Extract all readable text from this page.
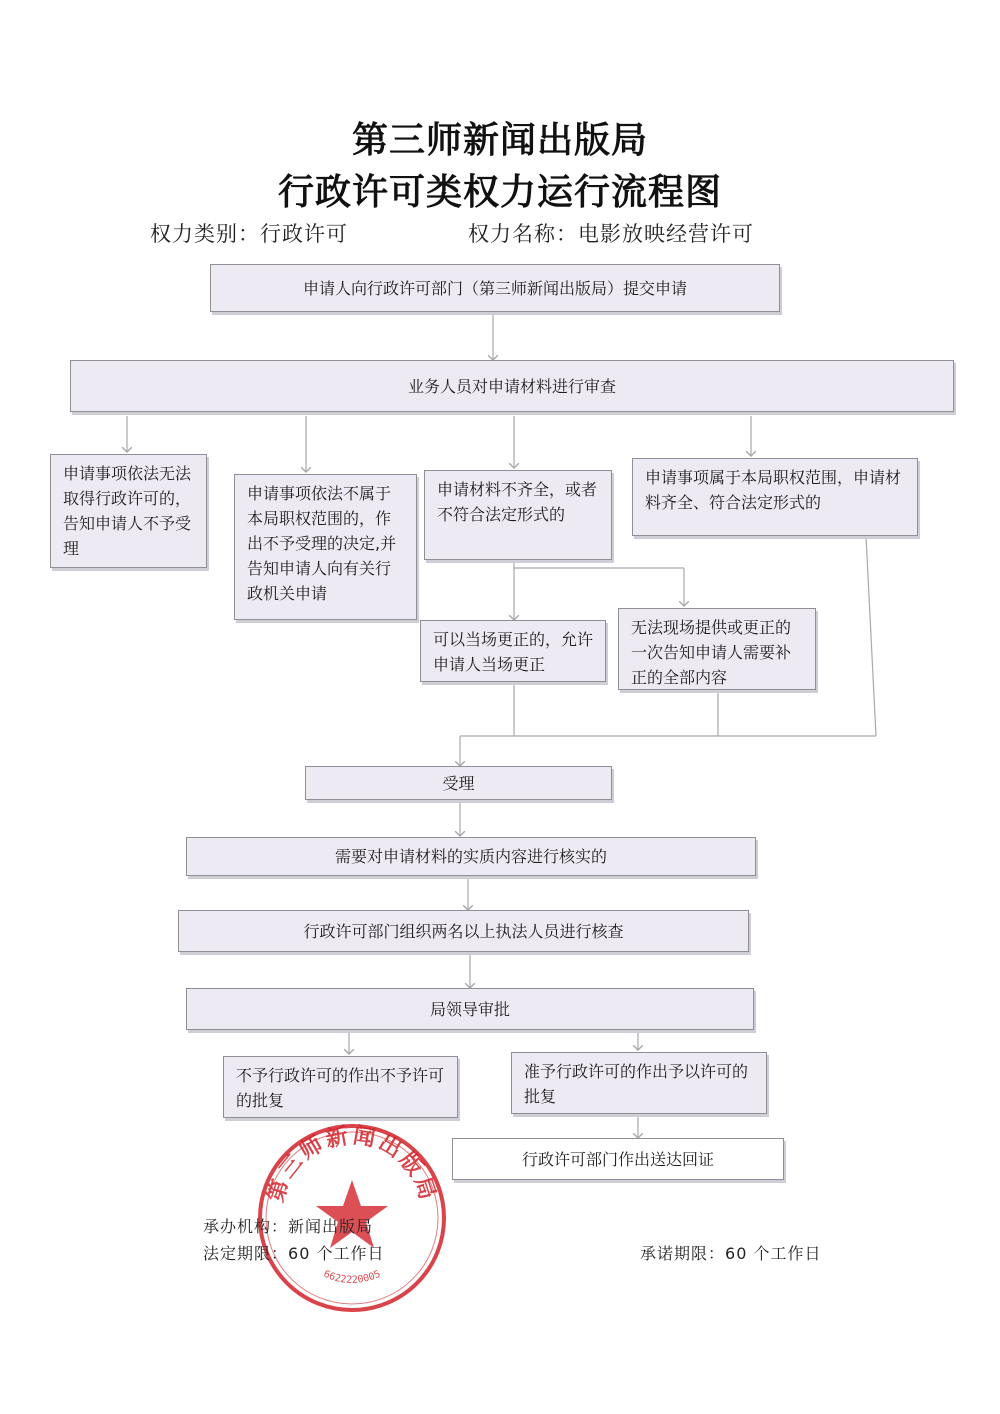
第三师新闻出版局
行政许可类权力运行流程图
权力类别：行政许可	权力名称：电影放映经营许可
申请人向行政许可部门（第三师新闻出版局）提交申请
业务人员对申请材料进行审查
申请事项依法无法取得行政许可的，告知申请人不予受理
申请事项依法不属于本局职权范围的，作出不予受理的决定,并告知申请人向有关行政机关申请
申请材料不齐全，或者不符合法定形式的
申请事项属于本局职权范围，申请材料齐全、符合法定形式的
可以当场更正的，允许申请人当场更正
无法现场提供或更正的一次告知申请人需要补正的全部内容
受理
需要对申请材料的实质内容进行核实的
行政许可部门组织两名以上执法人员进行核查
局领导审批
不予行政许可的作出不予许可的批复
准予行政许可的作出予以许可的批复
行政许可部门作出送达回证
第三师新闻出版局
6622220005
承办机构：新闻出版局
法定期限：60 个工作日	承诺期限：60 个工作日
